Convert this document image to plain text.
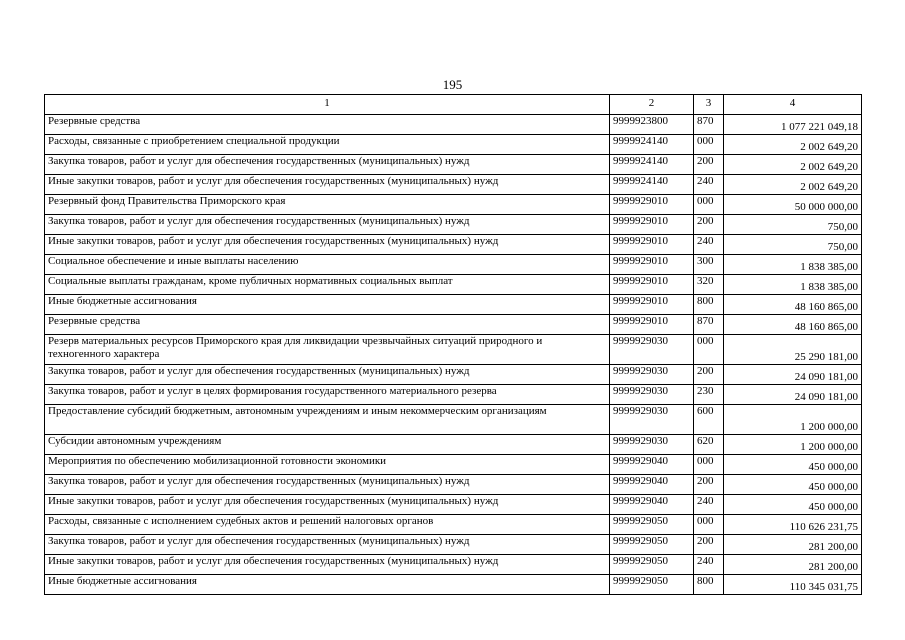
195
1	2	3	4
Резервные средства	9999923800	870	1 077 221 049,18
Расходы, связанные с приобретением специальной продукции	9999924140	000	2 002 649,20
Закупка товаров, работ и услуг для обеспечения государственных (муниципальных) нужд	9999924140	200	2 002 649,20
Иные закупки товаров, работ и услуг для обеспечения государственных (муниципальных) нужд	9999924140	240	2 002 649,20
Резервный фонд Правительства Приморского края	9999929010	000	50 000 000,00
Закупка товаров, работ и услуг для обеспечения государственных (муниципальных) нужд	9999929010	200	750,00
Иные закупки товаров, работ и услуг для обеспечения государственных (муниципальных) нужд	9999929010	240	750,00
Социальное обеспечение и иные выплаты населению	9999929010	300	1 838 385,00
Социальные выплаты гражданам, кроме публичных нормативных социальных выплат	9999929010	320	1 838 385,00
Иные бюджетные ассигнования	9999929010	800	48 160 865,00
Резервные средства	9999929010	870	48 160 865,00
Резерв материальных ресурсов Приморского края для ликвидации чрезвычайных ситуаций природного и техногенного характера	9999929030	000	25 290 181,00
Закупка товаров, работ и услуг для обеспечения государственных (муниципальных) нужд	9999929030	200	24 090 181,00
Закупка товаров, работ и услуг в целях формирования государственного материального резерва	9999929030	230	24 090 181,00
Предоставление субсидий бюджетным, автономным учреждениям и иным некоммерческим организациям	9999929030	600	1 200 000,00
Субсидии автономным учреждениям	9999929030	620	1 200 000,00
Мероприятия по обеспечению мобилизационной готовности экономики	9999929040	000	450 000,00
Закупка товаров, работ и услуг для обеспечения государственных (муниципальных) нужд	9999929040	200	450 000,00
Иные закупки товаров, работ и услуг для обеспечения государственных (муниципальных) нужд	9999929040	240	450 000,00
Расходы, связанные с исполнением судебных актов и решений налоговых органов	9999929050	000	110 626 231,75
Закупка товаров, работ и услуг для обеспечения государственных (муниципальных) нужд	9999929050	200	281 200,00
Иные закупки товаров, работ и услуг для обеспечения государственных (муниципальных) нужд	9999929050	240	281 200,00
Иные бюджетные ассигнования	9999929050	800	110 345 031,75
